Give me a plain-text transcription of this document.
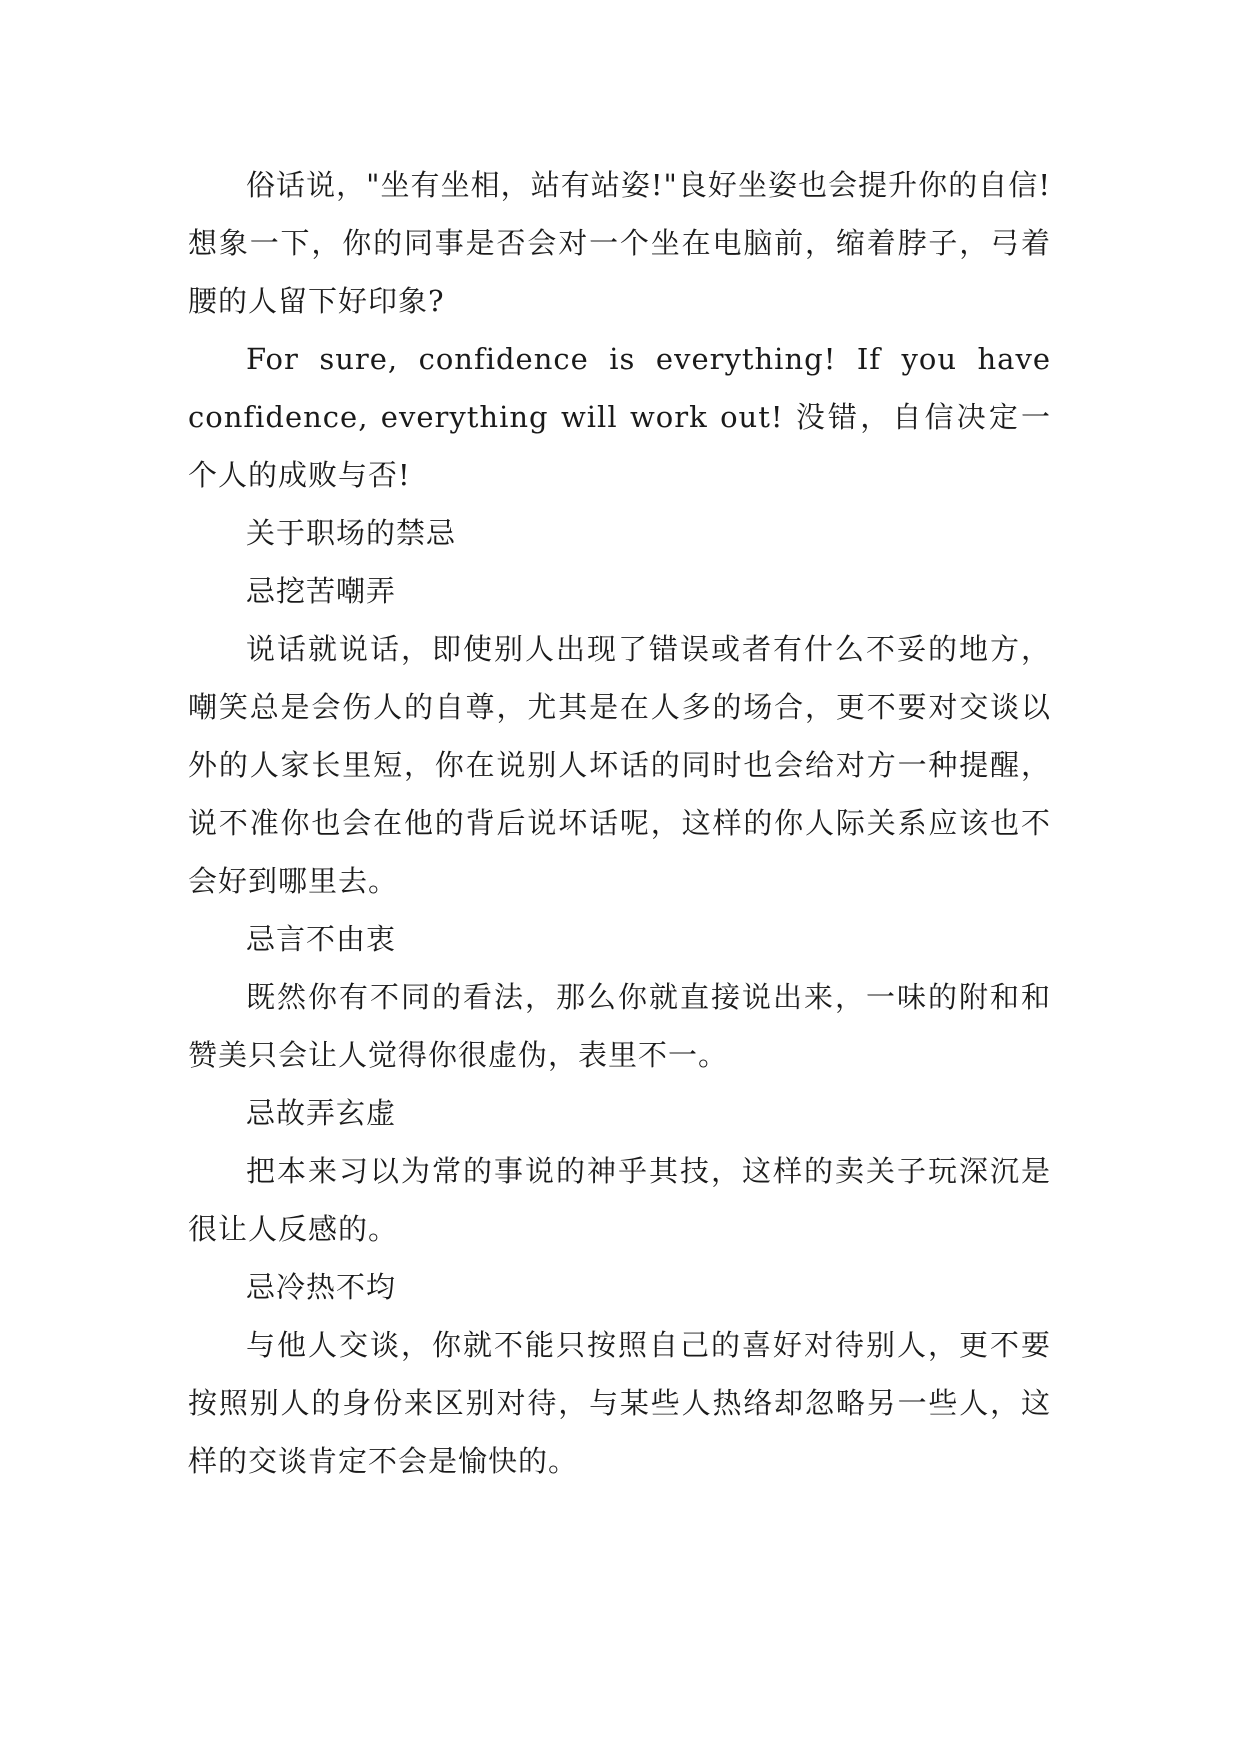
俗话说，"坐有坐相，站有站姿!"良好坐姿也会提升你的自信!想象一下，你的同事是否会对一个坐在电脑前，缩着脖子，弓着腰的人留下好印象?

For sure, confidence is everything! If you have confidence, everything will work out! 没错，自信决定一个人的成败与否!

关于职场的禁忌

忌挖苦嘲弄

说话就说话，即使别人出现了错误或者有什么不妥的地方，嘲笑总是会伤人的自尊，尤其是在人多的场合，更不要对交谈以外的人家长里短，你在说别人坏话的同时也会给对方一种提醒，说不准你也会在他的背后说坏话呢，这样的你人际关系应该也不会好到哪里去。

忌言不由衷

既然你有不同的看法，那么你就直接说出来，一味的附和和赞美只会让人觉得你很虚伪，表里不一。

忌故弄玄虚

把本来习以为常的事说的神乎其技，这样的卖关子玩深沉是很让人反感的。

忌冷热不均

与他人交谈，你就不能只按照自己的喜好对待别人，更不要按照别人的身份来区别对待，与某些人热络却忽略另一些人，这样的交谈肯定不会是愉快的。
